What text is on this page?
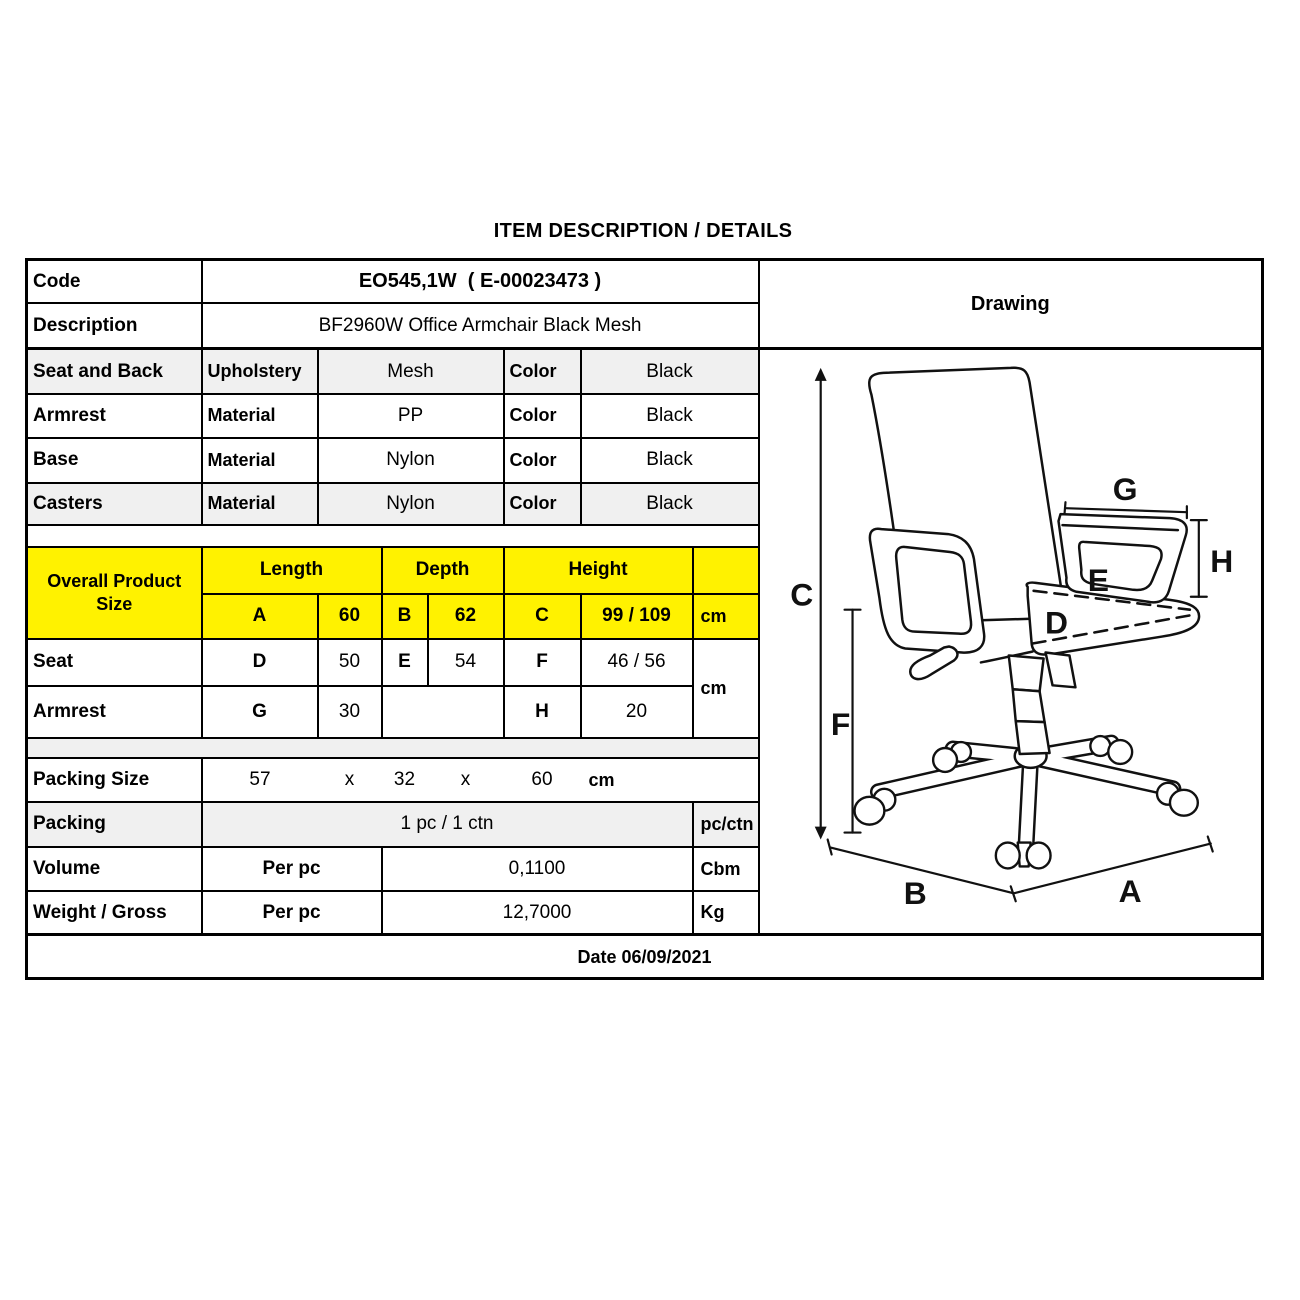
ITEM DESCRIPTION / DETAILS
Code	EO545,1W  ( E-00023473 )							Drawing
Description	BF2960W Office Armchair Black Mesh							
Seat and Back	Upholstery	Mesh	Color	Black	
C
F
G
H
E
D
B	A

Armrest	Material	PP			Color	Black		
Base	Material	Nylon			Color	Black		
Casters	Material	Nylon			Color	Black		

Overall Product Size	Length		Depth		Height			
	A	60	B	62	C	99 / 109	cm	
Seat	D	50	E	54	F	46 / 56	cm	
Armrest	G	30			H	20		

Packing Size	57	x	32	x	60	cm		
Packing	1 pc / 1 ctn						pc/ctn	
Volume	Per pc		0,1100				Cbm	
Weight / Gross	Per pc		12,7000				Kg	
Date 06/09/2021								
